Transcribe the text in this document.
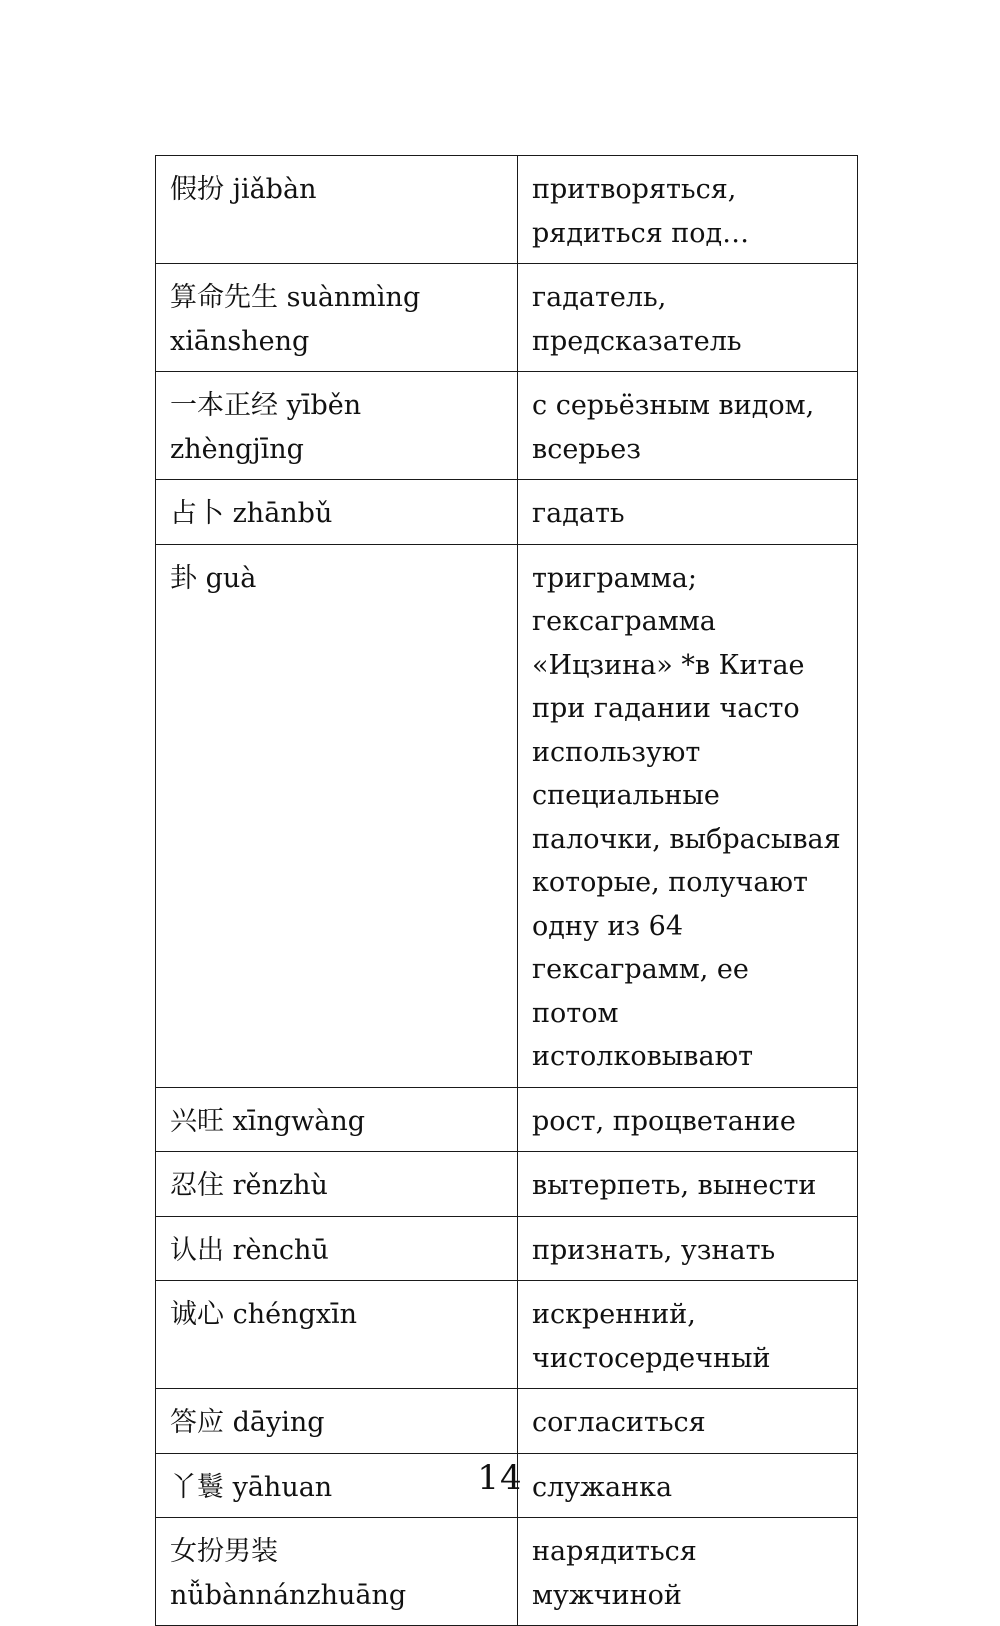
假扮 jiǎbàn	притворяться, рядиться под…

算命先生 suànmìng xiānsheng	гадатель, предсказатель

一本正经 yīběn zhèngjīng	с серьёзным видом, всерьез

占卜 zhānbǔ	гадать

卦 guà	триграмма; гексаграмма «Ицзина» *в Китае при гадании часто используют специальные палочки, выбрасывая которые, получают одну из 64 гексаграмм, ее потом истолковывают

兴旺 xīngwàng	рост, процветание

忍住 rěnzhù	вытерпеть, вынести

认出 rènchū	признать, узнать

诚心 chéngxīn	искренний, чистосердечный

答应 dāying	согласиться

丫鬟 yāhuan	служанка

女扮男装 nǚbànnánzhuāng	нарядиться мужчиной
14
